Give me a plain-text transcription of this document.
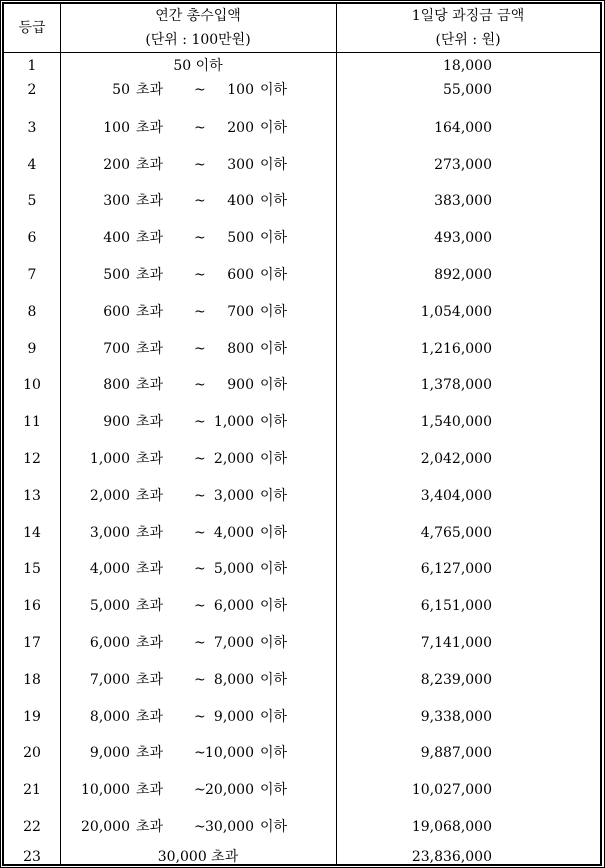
등급
연간 총수입액
(단위 : 100만원)
1일당 과징금 금액
(단위 : 원)
1	50 이하	18,000
2	50 초과 ~	100 이하	55,000
3	100 초과 ~	200 이하	164,000
4	200 초과 ~	300 이하	273,000
5	300 초과 ~	400 이하	383,000
6	400 초과 ~	500 이하	493,000
7	500 초과 ~	600 이하	892,000
8	600 초과 ~	700 이하	1,054,000
9	700 초과 ~	800 이하	1,216,000
10	800 초과 ~	900 이하	1,378,000
11	900 초과 ~ 1,000 이하	1,540,000
12	1,000 초과 ~ 2,000 이하	2,042,000
13	2,000 초과 ~ 3,000 이하	3,404,000
14	3,000 초과 ~ 4,000 이하	4,765,000
15	4,000 초과 ~ 5,000 이하	6,127,000
16	5,000 초과 ~ 6,000 이하	6,151,000
17	6,000 초과 ~ 7,000 이하	7,141,000
18	7,000 초과 ~ 8,000 이하	8,239,000
19	8,000 초과 ~ 9,000 이하	9,338,000
20	9,000 초과 ~ 10,000 이하	9,887,000
21	10,000 초과 ~ 20,000 이하	10,027,000
22	20,000 초과 ~ 30,000 이하	19,068,000
23	30,000 초과	23,836,000
